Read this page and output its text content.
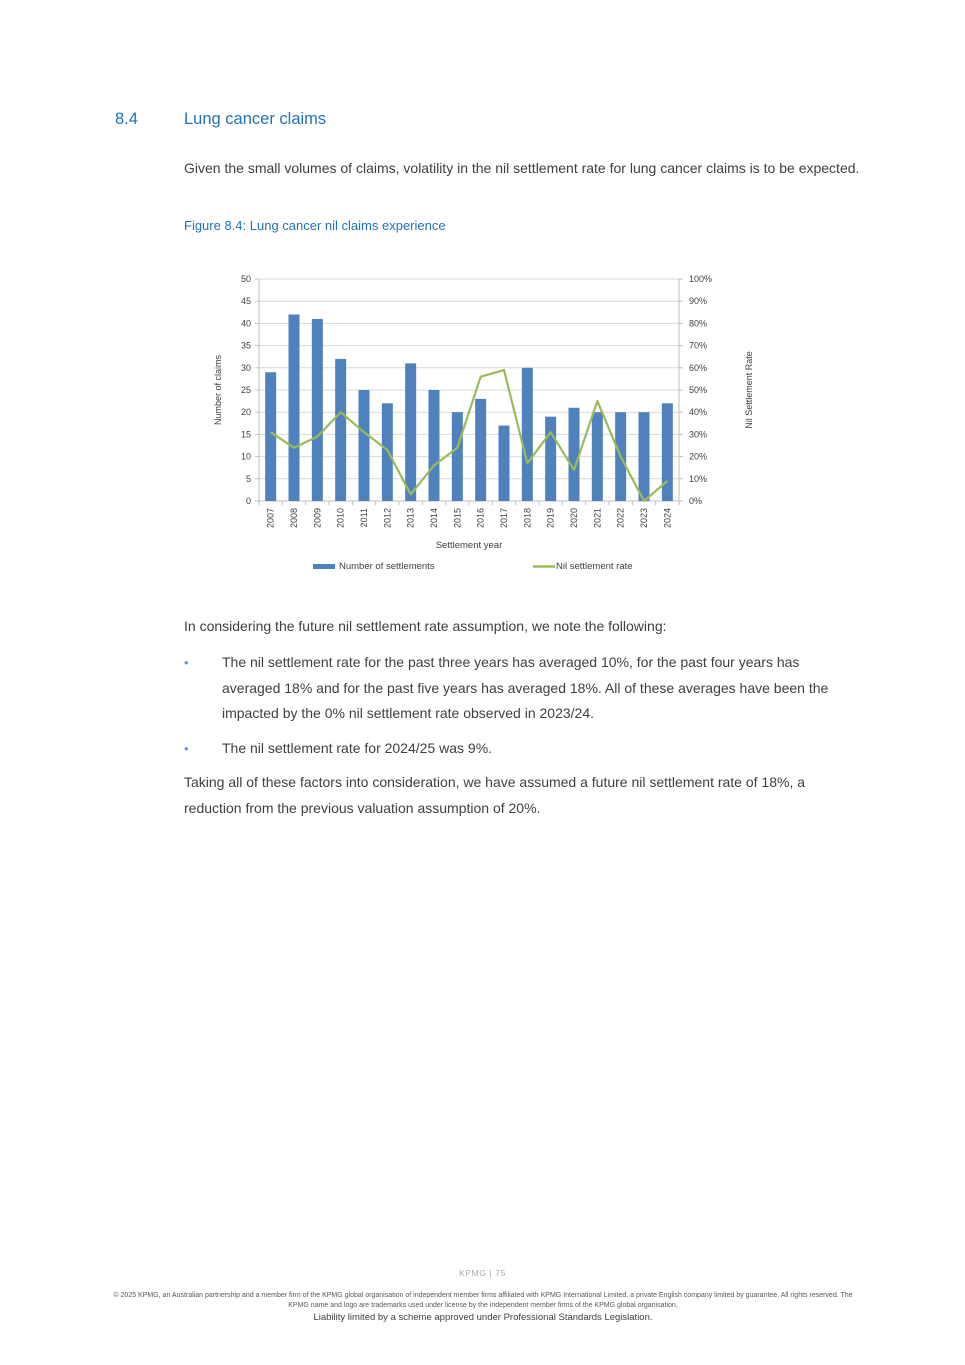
8.4	Lung cancer claims
Given the small volumes of claims, volatility in the nil settlement rate for lung cancer claims is to be expected.
Figure 8.4: Lung cancer nil claims experience
0
5
10
15
20
25
30
35
40
45
50
0%
10%
20%
30%
40%
50%
60%
70%
80%
90%
100%
2007 2008 2009 2010 2011 2012 2013 2014 2015 2016 2017 2018 2019 2020 2021 2022 2023 2024
Number of claims	Nil Settlement Rate
Settlement year
Number of settlements	Nil settlement rate
In considering the future nil settlement rate assumption, we note the following:
•	The nil settlement rate for the past three years has averaged 10%, for the past four years has averaged 18% and for the past five years has averaged 18%. All of these averages have been the impacted by the 0% nil settlement rate observed in 2023/24.
•	The nil settlement rate for 2024/25 was 9%.
Taking all of these factors into consideration, we have assumed a future nil settlement rate of 18%, a reduction from the previous valuation assumption of 20%.
KPMG | 75
© 2025 KPMG, an Australian partnership and a member firm of the KPMG global organisation of independent member firms affiliated with KPMG International Limited, a private English company limited by guarantee. All rights reserved. The KPMG name and logo are trademarks used under license by the independent member firms of the KPMG global organisation.
Liability limited by a scheme approved under Professional Standards Legislation.
